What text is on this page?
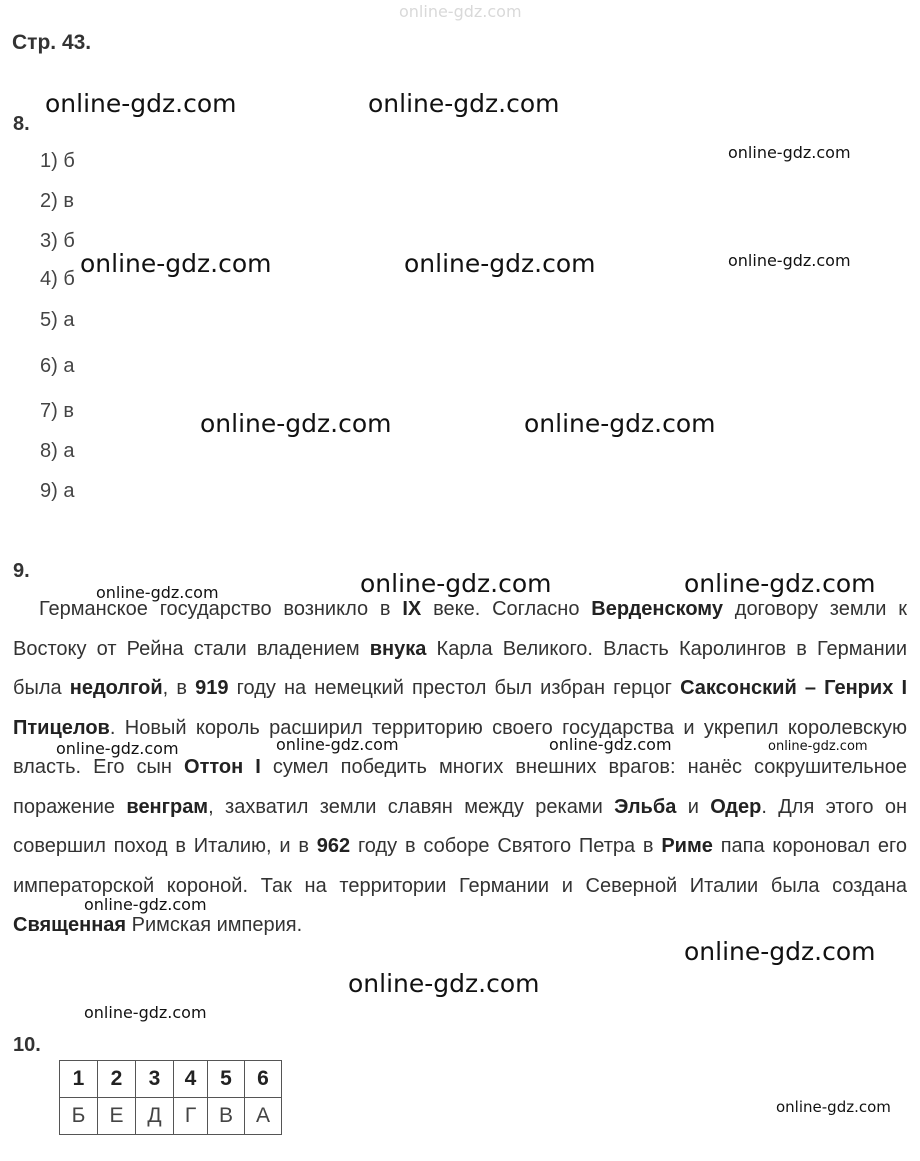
online-gdz.com
Стр. 43.
8.
1) б
2) в
3) б
4) б
5) а
6) а
7) в
8) а
9) а
9.
Германское государство возникло в IX веке. Согласно Верденскому договору земли к Востоку от Рейна стали владением внука Карла Великого. Власть Каролингов в Германии была недолгой, в 919 году на немецкий престол был избран герцог Саксонский – Генрих I Птицелов. Новый король расширил территорию своего государства и укрепил королевскую власть. Его сын Оттон I сумел победить многих внешних врагов: нанёс сокрушительное поражение венграм, захватил земли славян между реками Эльба и Одер. Для этого он совершил поход в Италию, и в 962 году в соборе Святого Петра в Риме папа короновал его императорской короной. Так на территории Германии и Северной Италии была создана Священная Римская империя.
10.
1	2	3	4	5	6
Б	Е	Д	Г	В	А
online-gdz.com	online-gdz.com
online-gdz.com
online-gdz.com	online-gdz.com	online-gdz.com
online-gdz.com	online-gdz.com
online-gdz.com	online-gdz.com	online-gdz.com
online-gdz.com	online-gdz.com	online-gdz.com	online-gdz.com
online-gdz.com
online-gdz.com
online-gdz.com
online-gdz.com
online-gdz.com
